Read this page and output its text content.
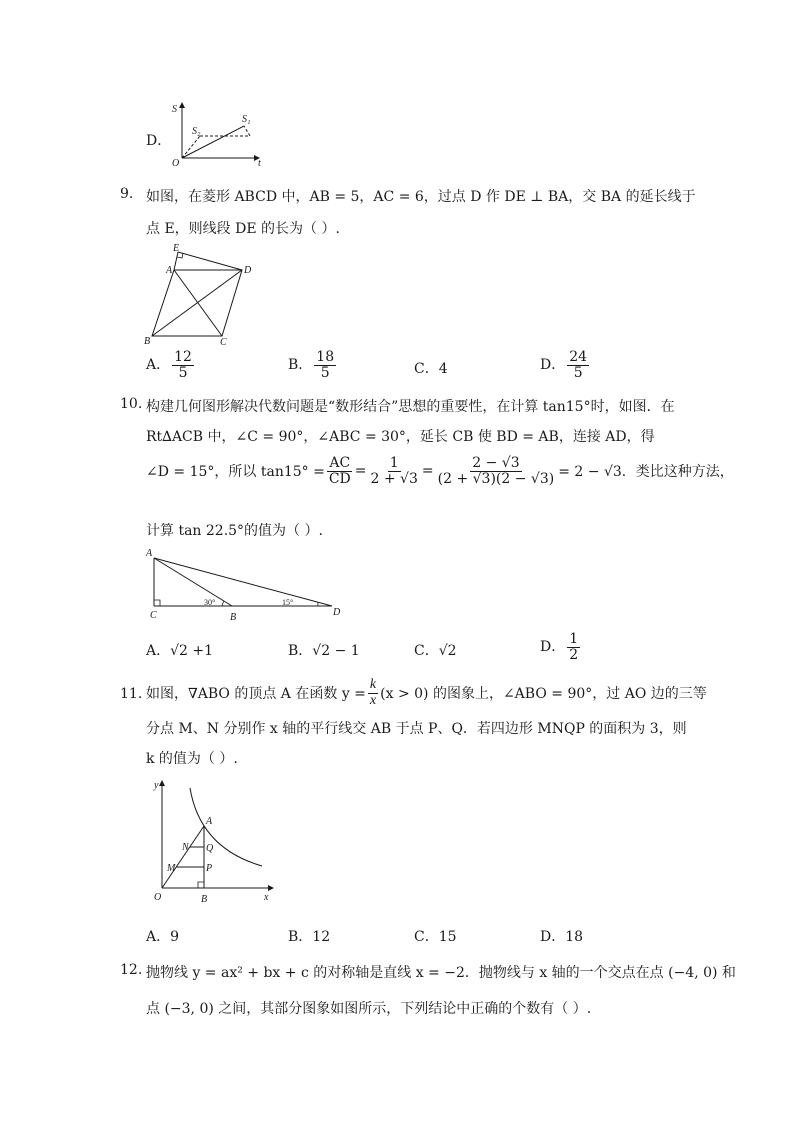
D．
S
t
O
S₁
S₂
9. 如图，在菱形 ABCD 中，AB = 5，AC = 6，过点 D 作 DE ⊥ BA，交 BA 的延长线于
点 E，则线段 DE 的长为（ ）.
E
A	D
B	C
A． $\frac{12}{5}$	B． $\frac{18}{5}$	C．4	D． $\frac{24}{5}$
10. 构建几何图形解决代数问题是“数形结合”思想的重要性，在计算 tan15°时，如图．在
Rt∆ACB 中，∠C = 90°，∠ABC = 30°，延长 CB 使 BD = AB，连接 AD，得
∠D = 15°，所以 $\tan 15^\circ = \frac{AC}{CD} = \frac{1}{2 + √3} = \frac{2 - √3}{(2 + √3)(2 - √3)} = 2 - √3$．类比这种方法，
计算 tan 22.5°的值为（ ）.
A
C	B	D
30°	15°
A．√2 +1	B．√2 − 1	C．√2	D． $\frac{1}{2}$
11. 如图，∇ABO 的顶点 A 在函数 $y = \frac{k}{x} (x > 0)$ 的图象上，∠ABO = 90°，过 AO 边的三等
分点 M、N 分别作 x 轴的平行线交 AB 于点 P、Q．若四边形 MNQP 的面积为 3，则
k 的值为（ ）.
y
x
O
A
N Q
M	P
B
A．9	B．12	C．15	D．18
12. 抛物线 y = ax² + bx + c 的对称轴是直线 x = −2．抛物线与 x 轴的一个交点在点 (−4, 0) 和
点 (−3, 0) 之间，其部分图象如图所示，下列结论中正确的个数有（ ）.
